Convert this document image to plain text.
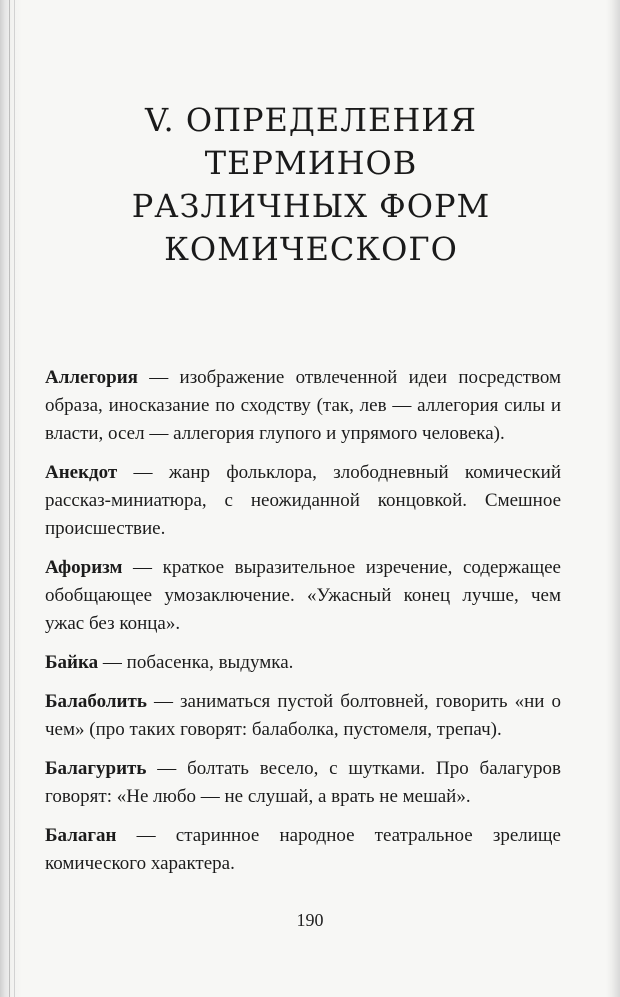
V. ОПРЕДЕЛЕНИЯ ТЕРМИНОВ
РАЗЛИЧНЫХ ФОРМ
КОМИЧЕСКОГО

Аллегория — изображение отвлеченной идеи посредством образа, иносказание по сходству (так, лев — аллегория силы и власти, осел — аллегория глупого и упрямого человека).

Анекдот — жанр фольклора, злободневный комический рассказ-миниатюра, с неожиданной концовкой. Смешное происшествие.

Афоризм — краткое выразительное изречение, содержащее обобщающее умозаключение. «Ужасный конец лучше, чем ужас без конца».

Байка — побасенка, выдумка.

Балаболить — заниматься пустой болтовней, говорить «ни о чем» (про таких говорят: балаболка, пустомеля, трепач).

Балагурить — болтать весело, с шутками. Про балагуров говорят: «Не любо — не слушай, а врать не мешай».

Балаган — старинное народное театральное зрелище комического характера.

190
